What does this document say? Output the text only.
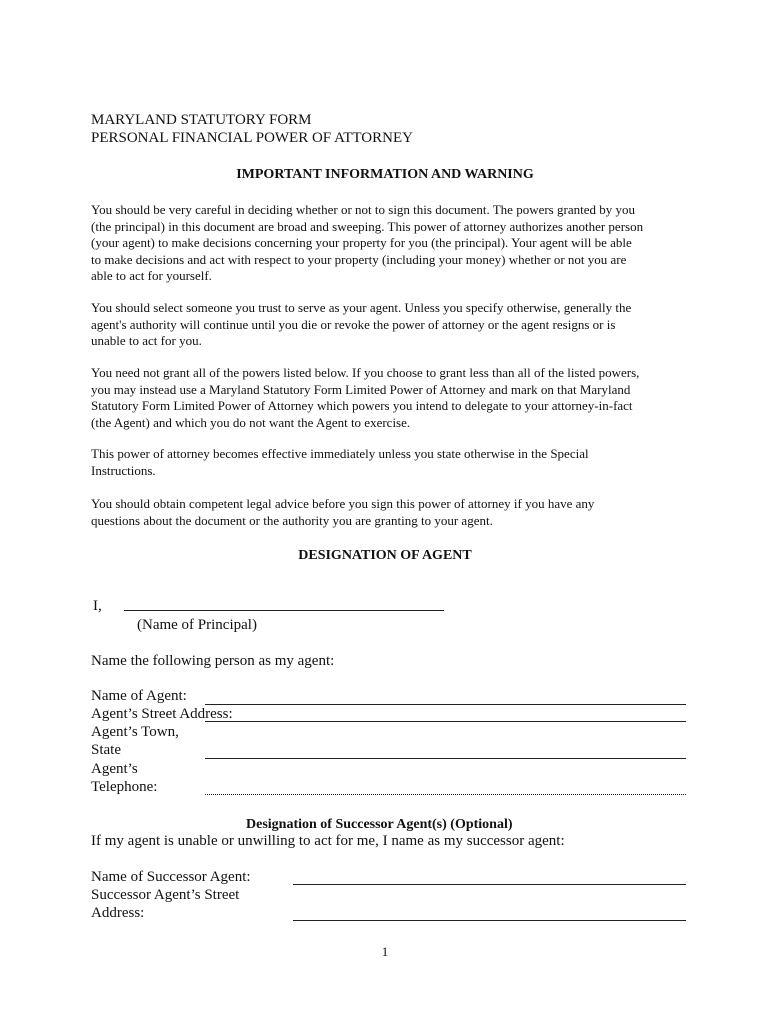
MARYLAND STATUTORY FORM
PERSONAL FINANCIAL POWER OF ATTORNEY
IMPORTANT INFORMATION AND WARNING
You should be very careful in deciding whether or not to sign this document. The powers granted by you
(the principal) in this document are broad and sweeping. This power of attorney authorizes another person
(your agent) to make decisions concerning your property for you (the principal). Your agent will be able
to make decisions and act with respect to your property (including your money) whether or not you are
able to act for yourself.
You should select someone you trust to serve as your agent. Unless you specify otherwise, generally the
agent's authority will continue until you die or revoke the power of attorney or the agent resigns or is
unable to act for you.
You need not grant all of the powers listed below. If you choose to grant less than all of the listed powers,
you may instead use a Maryland Statutory Form Limited Power of Attorney and mark on that Maryland
Statutory Form Limited Power of Attorney which powers you intend to delegate to your attorney-in-fact
(the Agent) and which you do not want the Agent to exercise.
This power of attorney becomes effective immediately unless you state otherwise in the Special
Instructions.
You should obtain competent legal advice before you sign this power of attorney if you have any
questions about the document or the authority you are granting to your agent.
DESIGNATION OF AGENT
I,
(Name of Principal)
Name the following person as my agent:
Name of Agent:
Agent’s Street Address:
Agent’s Town,
State
Agent’s
Telephone:
Designation of Successor Agent(s) (Optional)
If my agent is unable or unwilling to act for me, I name as my successor agent:
Name of Successor Agent:
Successor Agent’s Street
Address:
1
